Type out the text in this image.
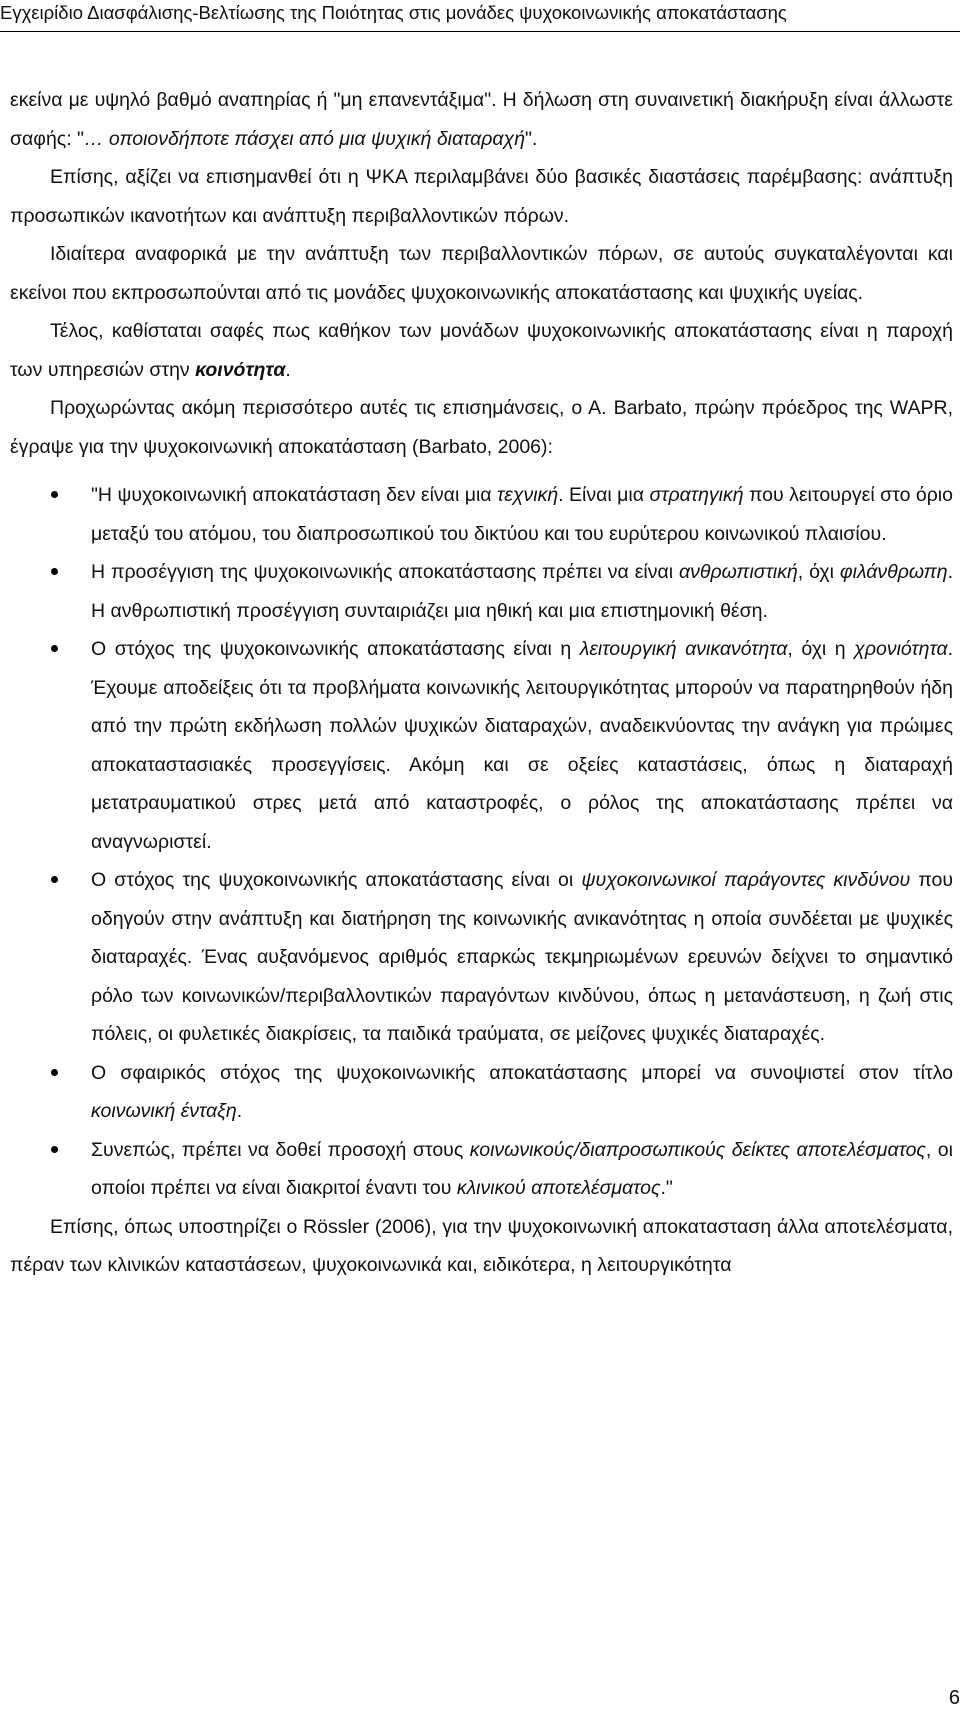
Εγχειρίδιο Διασφάλισης-Βελτίωσης της Ποιότητας στις μονάδες ψυχοκοινωνικής αποκατάστασης

εκείνα με υψηλό βαθμό αναπηρίας ή "μη επανεντάξιμα". Η δήλωση στη συναινετική διακήρυξη είναι άλλωστε σαφής: "… οποιονδήποτε πάσχει από μια ψυχική διαταραχή".

Επίσης, αξίζει να επισημανθεί ότι η ΨΚΑ περιλαμβάνει δύο βασικές διαστάσεις παρέμβασης: ανάπτυξη προσωπικών ικανοτήτων και ανάπτυξη περιβαλλοντικών πόρων.

Ιδιαίτερα αναφορικά με την ανάπτυξη των περιβαλλοντικών πόρων, σε αυτούς συγκαταλέγονται και εκείνοι που εκπροσωπούνται από τις μονάδες ψυχοκοινωνικής αποκατάστασης και ψυχικής υγείας.

Τέλος, καθίσταται σαφές πως καθήκον των μονάδων ψυχοκοινωνικής αποκατάστασης είναι η παροχή των υπηρεσιών στην κοινότητα.

Προχωρώντας ακόμη περισσότερο αυτές τις επισημάνσεις, ο Α. Barbato, πρώην πρόεδρος της WAPR, έγραψε για την ψυχοκοινωνική αποκατάσταση (Barbato, 2006):

"Η ψυχοκοινωνική αποκατάσταση δεν είναι μια τεχνική. Είναι μια στρατηγική που λειτουργεί στο όριο μεταξύ του ατόμου, του διαπροσωπικού του δικτύου και του ευρύτερου κοινωνικού πλαισίου.
Η προσέγγιση της ψυχοκοινωνικής αποκατάστασης πρέπει να είναι ανθρωπιστική, όχι φιλάνθρωπη. Η ανθρωπιστική προσέγγιση συνταιριάζει μια ηθική και μια επιστημονική θέση.
Ο στόχος της ψυχοκοινωνικής αποκατάστασης είναι η λειτουργική ανικανότητα, όχι η χρονιότητα. Έχουμε αποδείξεις ότι τα προβλήματα κοινωνικής λειτουργικότητας μπορούν να παρατηρηθούν ήδη από την πρώτη εκδήλωση πολλών ψυχικών διαταραχών, αναδεικνύοντας την ανάγκη για πρώιμες αποκαταστασιακές προσεγγίσεις. Ακόμη και σε οξείες καταστάσεις, όπως η διαταραχή μετατραυματικού στρες μετά από καταστροφές, ο ρόλος της αποκατάστασης πρέπει να αναγνωριστεί.
Ο στόχος της ψυχοκοινωνικής αποκατάστασης είναι οι ψυχοκοινωνικοί παράγοντες κινδύνου που οδηγούν στην ανάπτυξη και διατήρηση της κοινωνικής ανικανότητας η οποία συνδέεται με ψυχικές διαταραχές. Ένας αυξανόμενος αριθμός επαρκώς τεκμηριωμένων ερευνών δείχνει το σημαντικό ρόλο των κοινωνικών/περιβαλλοντικών παραγόντων κινδύνου, όπως η μετανάστευση, η ζωή στις πόλεις, οι φυλετικές διακρίσεις, τα παιδικά τραύματα, σε μείζονες ψυχικές διαταραχές.
Ο σφαιρικός στόχος της ψυχοκοινωνικής αποκατάστασης μπορεί να συνοψιστεί στον τίτλο κοινωνική ένταξη.
Συνεπώς, πρέπει να δοθεί προσοχή στους κοινωνικούς/διαπροσωπικούς δείκτες αποτελέσματος, οι οποίοι πρέπει να είναι διακριτοί έναντι του κλινικού αποτελέσματος."

Επίσης, όπως υποστηρίζει ο Rössler (2006), για την ψυχοκοινωνική αποκατασταση άλλα αποτελέσματα, πέραν των κλινικών καταστάσεων, ψυχοκοινωνικά και, ειδικότερα, η λειτουργικότητα

6
